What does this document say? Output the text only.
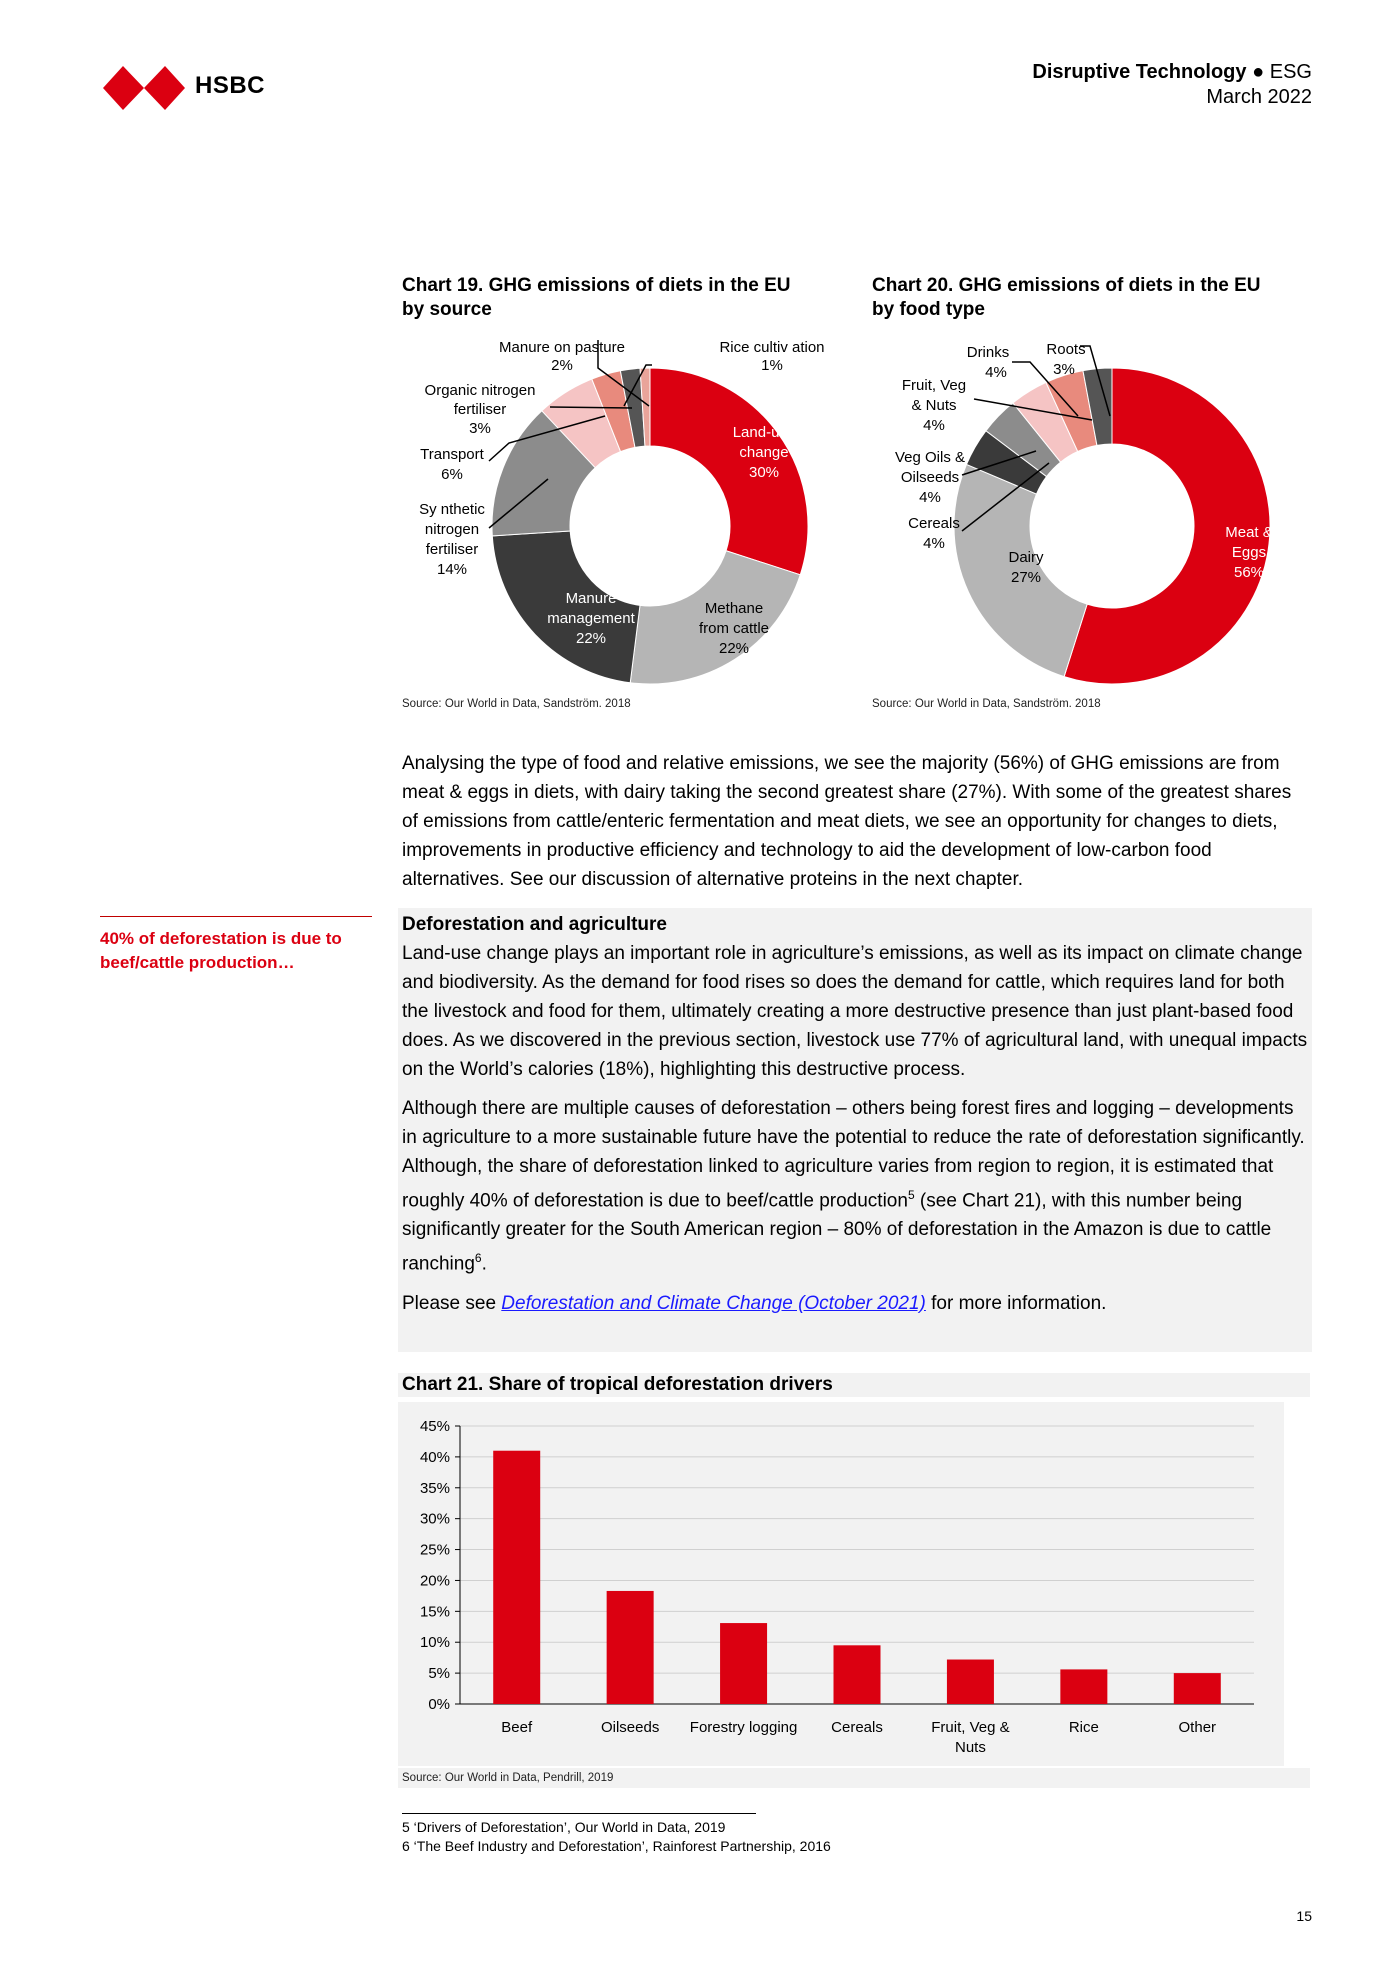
HSBC	Disruptive Technology ● ESG
March 2022
Chart 19. GHG emissions of diets in the EU
by source
Manure on pasture 2%
Rice cultiv ation 1%
Organic nitrogen fertiliser 3%
Transport 6%
Sy nthetic nitrogen fertiliser 14%
Land-use change 30%
Manure management 22%
Methane from cattle 22%
Source: Our World in Data, Sandström. 2018
Chart 20. GHG emissions of diets in the EU
by food type
Drinks 4%
Roots 3%
Fruit, Veg & Nuts 4%
Veg Oils & Oilseeds 4%
Cereals 4%
Dairy 27%
Meat & Eggs 56%
Source: Our World in Data, Sandström. 2018
Analysing the type of food and relative emissions, we see the majority (56%) of GHG emissions are from meat & eggs in diets, with dairy taking the second greatest share (27%). With some of the greatest shares of emissions from cattle/enteric fermentation and meat diets, we see an opportunity for changes to diets, improvements in productive efficiency and technology to aid the development of low-carbon food alternatives. See our discussion of alternative proteins in the next chapter.
40% of deforestation is due to beef/cattle production…
Deforestation and agriculture

Land-use change plays an important role in agriculture’s emissions, as well as its impact on climate change and biodiversity. As the demand for food rises so does the demand for cattle, which requires land for both the livestock and food for them, ultimately creating a more destructive presence than just plant-based food does. As we discovered in the previous section, livestock use 77% of agricultural land, with unequal impacts on the World’s calories (18%), highlighting this destructive process.

Although there are multiple causes of deforestation – others being forest fires and logging – developments in agriculture to a more sustainable future have the potential to reduce the rate of deforestation significantly. Although, the share of deforestation linked to agriculture varies from region to region, it is estimated that roughly 40% of deforestation is due to beef/cattle production$^5$ (see Chart 21), with this number being significantly greater for the South American region – 80% of deforestation in the Amazon is due to cattle ranching$^6$.

Please see Deforestation and Climate Change (October 2021) for more information.

Chart 21. Share of tropical deforestation drivers
0%
5%
10%
15%
20%
25%
30%
35%
40%
45%
Beef	Oilseeds Forestry logging Cereals	Fruit, Veg & Nuts
Rice	Other
Source: Our World in Data, Pendrill, 2019
5 ‘Drivers of Deforestation’, Our World in Data, 2019
6 ‘The Beef Industry and Deforestation’, Rainforest Partnership, 2016
15
